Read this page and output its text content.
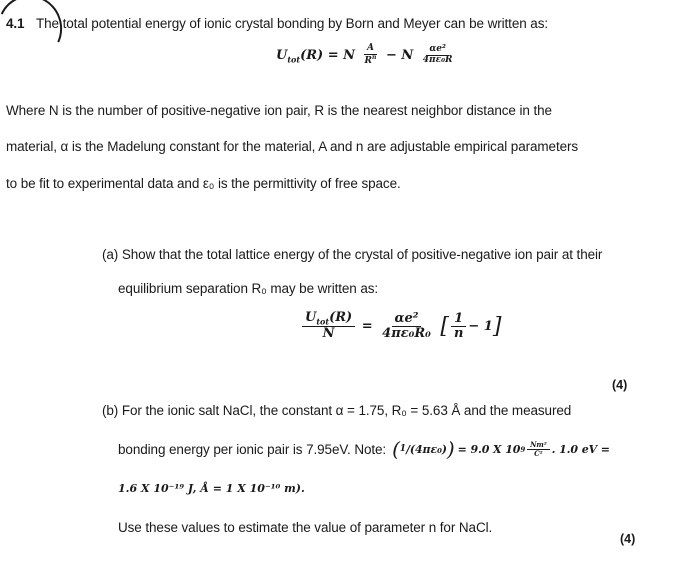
4.1 The total potential energy of ionic crystal bonding by Born and Meyer can be written as:
$U_{tot}(R) = N \frac{A}{R^n} - N \frac{\text{αe²}}{\text{4πε₀R}}$
Where N is the number of positive-negative ion pair, R is the nearest neighbor distance in the
material, α is the Madelung constant for the material, A and n are adjustable empirical parameters
to be fit to experimental data and ε₀ is the permittivity of free space.
(a) Show that the total lattice energy of the crystal of positive-negative ion pair at their
equilibrium separation R₀ may be written as:
$\frac{U_{tot}(R)}{N} = \frac{\text{αe²}}{\text{4πε₀R₀}}$ [ $\frac{1}{n} - 1$]
(4)
(b) For the ionic salt NaCl, the constant α = 1.75, R₀ = 5.63 Å and the measured
bonding energy per ionic pair is 7.95eV. Note: ( 1 / (4πε₀) ) = 9.0 X 10 $9 \frac{\text{Nm²}}{\text{C²}}$ . 1.0 eV =
1.6 X 10⁻¹⁹ J, Å = 1 X 10⁻¹⁰ m).
Use these values to estimate the value of parameter n for NaCl.
(4)
